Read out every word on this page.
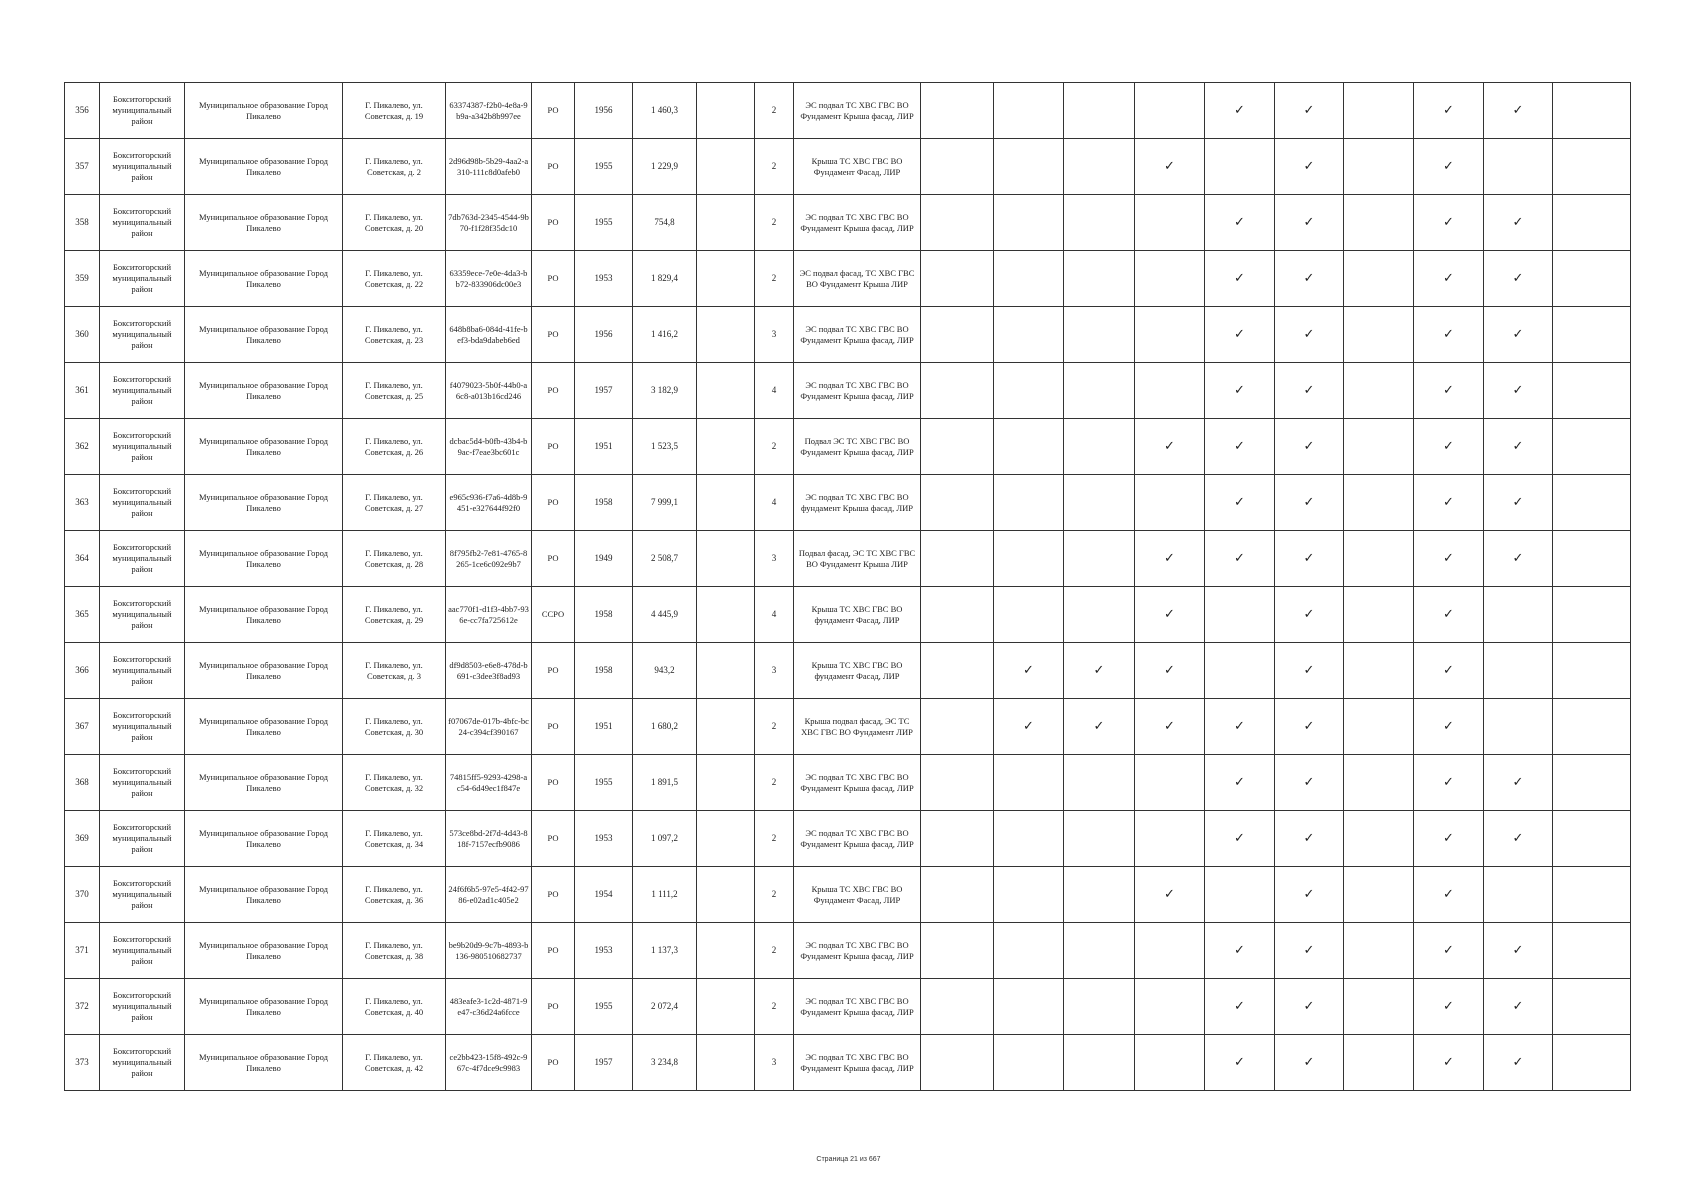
356	Бокситогорский муниципальный район	Муниципальное образование Город Пикалево	Г. Пикалево, ул. Советская, д. 19	63374387-f2b0-4e8a-9b9a-a342b8b997ee	РО	1956	1 460,3		2	ЭС подвал ТС ХВС ГВС ВО Фундамент Крыша фасад, ЛИР					✓	✓		✓	✓	
357	Бокситогорский муниципальный район	Муниципальное образование Город Пикалево	Г. Пикалево, ул. Советская, д. 2	2d96d98b-5b29-4aa2-a310-111c8d0afeb0	РО	1955	1 229,9		2	Крыша ТС ХВС ГВС ВО Фундамент Фасад, ЛИР				✓		✓		✓		
358	Бокситогорский муниципальный район	Муниципальное образование Город Пикалево	Г. Пикалево, ул. Советская, д. 20	7db763d-2345-4544-9b70-f1f28f35dc10	РО	1955	754,8		2	ЭС подвал ТС ХВС ГВС ВО Фундамент Крыша фасад, ЛИР					✓	✓		✓	✓	
359	Бокситогорский муниципальный район	Муниципальное образование Город Пикалево	Г. Пикалево, ул. Советская, д. 22	63359ece-7e0e-4da3-bb72-833906dc00e3	РО	1953	1 829,4		2	ЭС подвал фасад, ТС ХВС ГВС ВО Фундамент Крыша ЛИР					✓	✓		✓	✓	
360	Бокситогорский муниципальный район	Муниципальное образование Город Пикалево	Г. Пикалево, ул. Советская, д. 23	648b8ba6-084d-41fe-bef3-bda9dabeb6ed	РО	1956	1 416,2		3	ЭС подвал ТС ХВС ГВС ВО Фундамент Крыша фасад, ЛИР					✓	✓		✓	✓	
361	Бокситогорский муниципальный район	Муниципальное образование Город Пикалево	Г. Пикалево, ул. Советская, д. 25	f4079023-5b0f-44b0-a6c8-a013b16cd246	РО	1957	3 182,9		4	ЭС подвал ТС ХВС ГВС ВО Фундамент Крыша фасад, ЛИР					✓	✓		✓	✓	
362	Бокситогорский муниципальный район	Муниципальное образование Город Пикалево	Г. Пикалево, ул. Советская, д. 26	dcbac5d4-b0fb-43b4-b9ac-f7eae3bc601c	РО	1951	1 523,5		2	Подвал ЭС ТС ХВС ГВС ВО Фундамент Крыша фасад, ЛИР				✓	✓	✓		✓	✓	
363	Бокситогорский муниципальный район	Муниципальное образование Город Пикалево	Г. Пикалево, ул. Советская, д. 27	e965c936-f7a6-4d8b-9451-e327644f92f0	РО	1958	7 999,1		4	ЭС подвал ТС ХВС ГВС ВО фундамент Крыша фасад, ЛИР					✓	✓		✓	✓	
364	Бокситогорский муниципальный район	Муниципальное образование Город Пикалево	Г. Пикалево, ул. Советская, д. 28	8f795fb2-7e81-4765-8265-1ce6c092e9b7	РО	1949	2 508,7		3	Подвал фасад, ЭС ТС ХВС ГВС ВО Фундамент Крыша ЛИР				✓	✓	✓		✓	✓	
365	Бокситогорский муниципальный район	Муниципальное образование Город Пикалево	Г. Пикалево, ул. Советская, д. 29	aac770f1-d1f3-4bb7-936e-cc7fa725612e	ССРО	1958	4 445,9		4	Крыша ТС ХВС ГВС ВО фундамент Фасад, ЛИР				✓		✓		✓		
366	Бокситогорский муниципальный район	Муниципальное образование Город Пикалево	Г. Пикалево, ул. Советская, д. 3	df9d8503-e6e8-478d-b691-c3dee3f8ad93	РО	1958	943,2		3	Крыша ТС ХВС ГВС ВО фундамент Фасад, ЛИР		✓	✓	✓		✓		✓		
367	Бокситогорский муниципальный район	Муниципальное образование Город Пикалево	Г. Пикалево, ул. Советская, д. 30	f07067de-017b-4bfc-bc24-c394cf390167	РО	1951	1 680,2		2	Крыша подвал фасад, ЭС ТС ХВС ГВС ВО Фундамент ЛИР		✓	✓	✓	✓	✓		✓		
368	Бокситогорский муниципальный район	Муниципальное образование Город Пикалево	Г. Пикалево, ул. Советская, д. 32	74815ff5-9293-4298-ac54-6d49ec1f847e	РО	1955	1 891,5		2	ЭС подвал ТС ХВС ГВС ВО Фундамент Крыша фасад, ЛИР					✓	✓		✓	✓	
369	Бокситогорский муниципальный район	Муниципальное образование Город Пикалево	Г. Пикалево, ул. Советская, д. 34	573ce8bd-2f7d-4d43-818f-7157ecfb9086	РО	1953	1 097,2		2	ЭС подвал ТС ХВС ГВС ВО Фундамент Крыша фасад, ЛИР					✓	✓		✓	✓	
370	Бокситогорский муниципальный район	Муниципальное образование Город Пикалево	Г. Пикалево, ул. Советская, д. 36	24f6f6b5-97e5-4f42-9786-e02ad1c405e2	РО	1954	1 111,2		2	Крыша ТС ХВС ГВС ВО Фундамент Фасад, ЛИР				✓		✓		✓		
371	Бокситогорский муниципальный район	Муниципальное образование Город Пикалево	Г. Пикалево, ул. Советская, д. 38	be9b20d9-9c7b-4893-b136-980510682737	РО	1953	1 137,3		2	ЭС подвал ТС ХВС ГВС ВО Фундамент Крыша фасад, ЛИР					✓	✓		✓	✓	
372	Бокситогорский муниципальный район	Муниципальное образование Город Пикалево	Г. Пикалево, ул. Советская, д. 40	483eafe3-1c2d-4871-9e47-c36d24a6fcce	РО	1955	2 072,4		2	ЭС подвал ТС ХВС ГВС ВО Фундамент Крыша фасад, ЛИР					✓	✓		✓	✓	
373	Бокситогорский муниципальный район	Муниципальное образование Город Пикалево	Г. Пикалево, ул. Советская, д. 42	ce2bb423-15f8-492c-967c-4f7dce9c9983	РО	1957	3 234,8		3	ЭС подвал ТС ХВС ГВС ВО Фундамент Крыша фасад, ЛИР					✓	✓		✓	✓	
Страница 21 из 667
